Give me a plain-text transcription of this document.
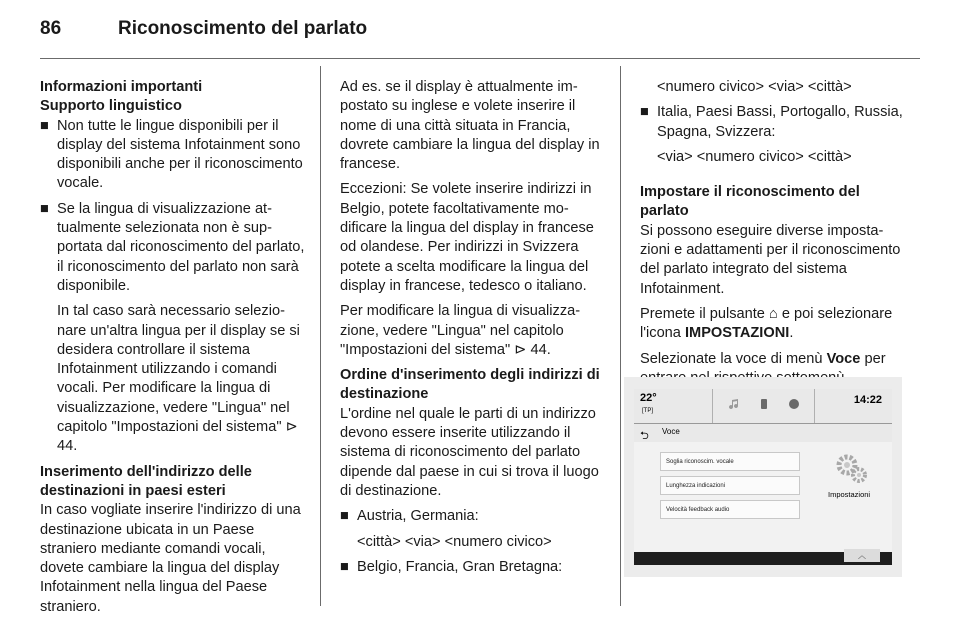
86	Riconoscimento del parlato
Informazioni importanti
Supporto linguistico
■ Non tutte le lingue disponibili per il display del sistema Infotainment sono disponibili anche per il riconoscimento vocale.
■ Se la lingua di visualizzazione attualmente selezionata non è supportata dal riconoscimento del parlato, il riconoscimento del parlato non sarà disponibile.
In tal caso sarà necessario selezionare un'altra lingua per il display se si desidera controllare il sistema Infotainment utilizzando i comandi vocali. Per modificare la lingua di visualizzazione, vedere "Lingua" nel capitolo "Impostazioni del sistema" ⊳ 44.
Inserimento dell'indirizzo delle destinazioni in paesi esteri

In caso vogliate inserire l'indirizzo di una destinazione ubicata in un Paese straniero mediante comandi vocali, dovete cambiare la lingua del display Infotainment nella lingua del Paese straniero.

Ad es. se il display è attualmente impostato su inglese e volete inserire il nome di una città situata in Francia, dovrete cambiare la lingua del display in francese.

Eccezioni: Se volete inserire indirizzi in Belgio, potete facoltativamente modificare la lingua del display in francese od olandese. Per indirizzi in Svizzera potete a scelta modificare la lingua del display in francese, tedesco o italiano.

Per modificare la lingua di visualizzazione, vedere "Lingua" nel capitolo "Impostazioni del sistema" ⊳ 44.

Ordine d'inserimento degli indirizzi di destinazione

L'ordine nel quale le parti di un indirizzo devono essere inserite utilizzando il sistema di riconoscimento del parlato dipende dal paese in cui si trova il luogo di destinazione.

■ Austria, Germania:
<città> <via> <numero civico>
■ Belgio, Francia, Gran Bretagna:
<numero civico> <via> <città>
■ Italia, Paesi Bassi, Portogallo, Russia, Spagna, Svizzera:
<via> <numero civico> <città>
Impostare il riconoscimento del parlato

Si possono eseguire diverse impostazioni e adattamenti per il riconoscimento del parlato integrato del sistema Infotainment.

Premete il pulsante ⌂ e poi selezionare l'icona IMPOSTAZIONI.

Selezionate la voce di menù Voce per

22°
[TP]
14:22
⮌ Voce
Soglia riconoscim. vocale
Lunghezza indicazioni
Velocità feedback audio
Impostazioni
︿
